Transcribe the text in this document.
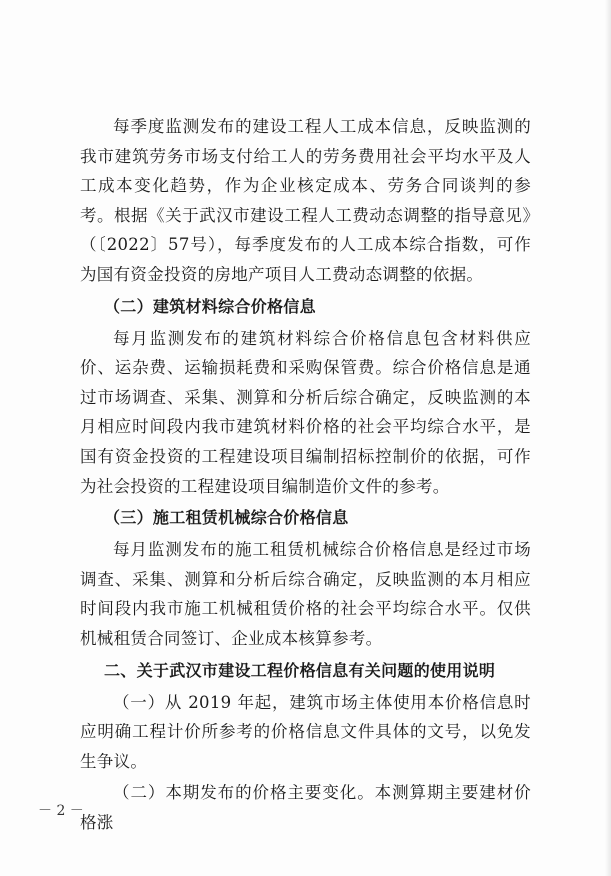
每季度监测发布的建设工程人工成本信息，反映监测的我市建筑劳务市场支付给工人的劳务费用社会平均水平及人工成本变化趋势，作为企业核定成本、劳务合同谈判的参考。根据《关于武汉市建设工程人工费动态调整的指导意见》（〔2022〕57号），每季度发布的人工成本综合指数，可作为国有资金投资的房地产项目人工费动态调整的依据。

（二）建筑材料综合价格信息

每月监测发布的建筑材料综合价格信息包含材料供应价、运杂费、运输损耗费和采购保管费。综合价格信息是通过市场调查、采集、测算和分析后综合确定，反映监测的本月相应时间段内我市建筑材料价格的社会平均综合水平，是国有资金投资的工程建设项目编制招标控制价的依据，可作为社会投资的工程建设项目编制造价文件的参考。

（三）施工租赁机械综合价格信息

每月监测发布的施工租赁机械综合价格信息是经过市场调查、采集、测算和分析后综合确定，反映监测的本月相应时间段内我市施工机械租赁价格的社会平均综合水平。仅供机械租赁合同签订、企业成本核算参考。

二、关于武汉市建设工程价格信息有关问题的使用说明

（一）从 2019 年起，建筑市场主体使用本价格信息时应明确工程计价所参考的价格信息文件具体的文号，以免发生争议。

（二）本期发布的价格主要变化。本测算期主要建材价格涨

－ 2 －
